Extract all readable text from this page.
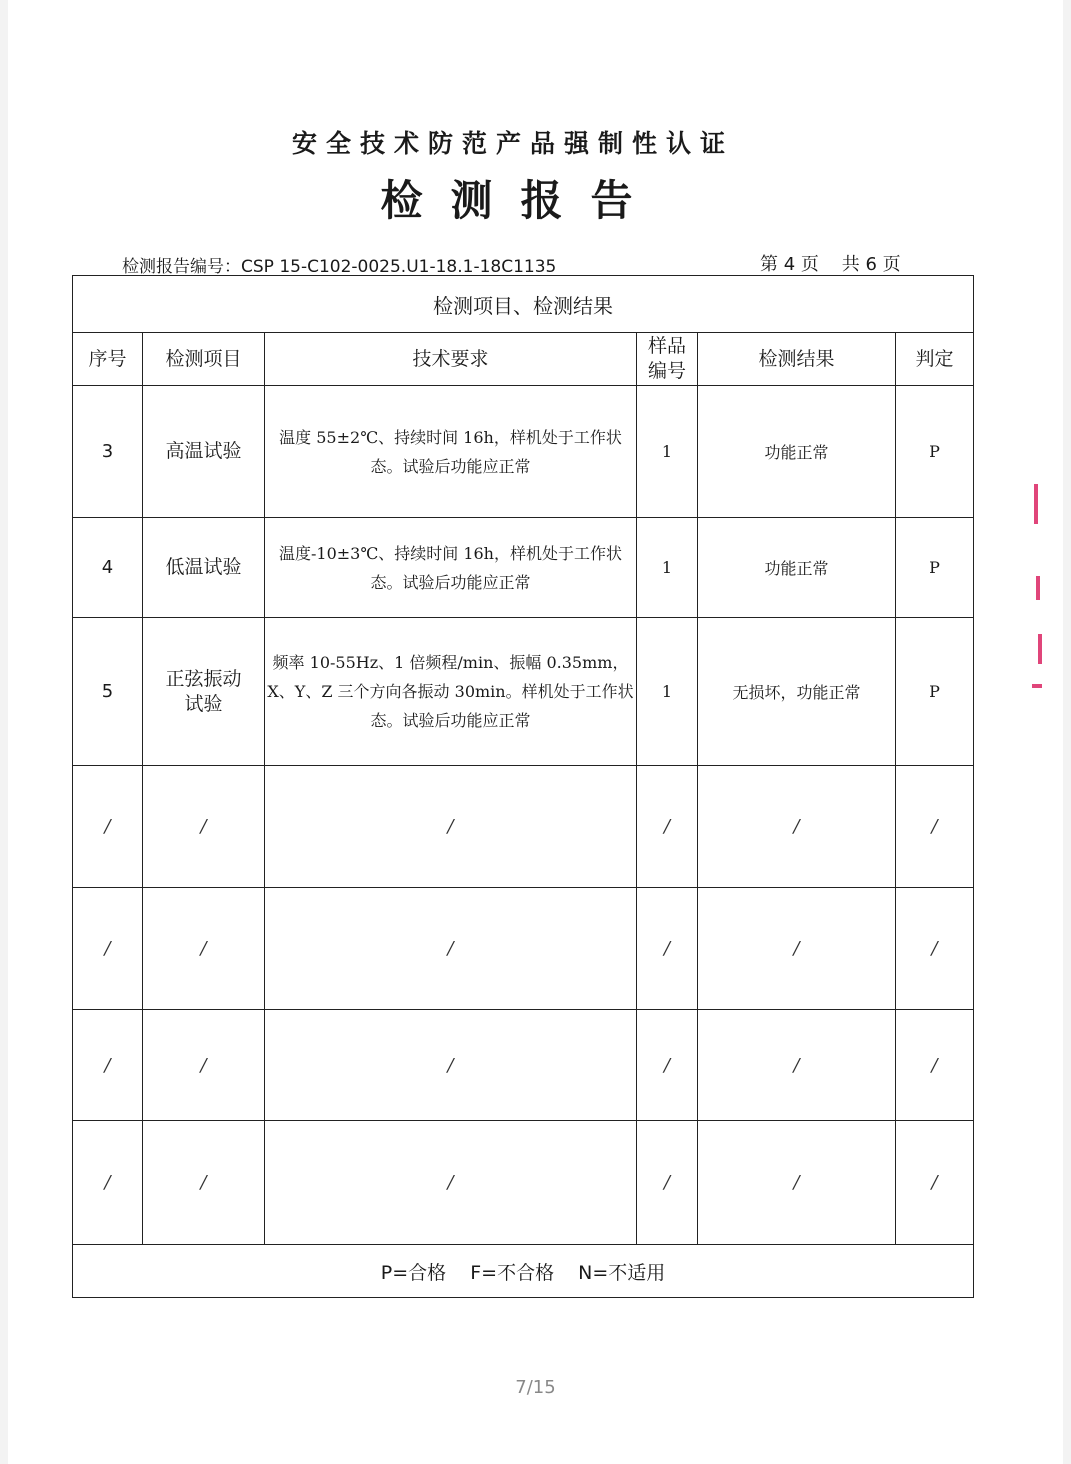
安全技术防范产品强制性认证
检测报告
检测报告编号：CSP 15-C102-0025.U1-18.1-18C1135	第 4 页    共 6 页
检测项目、检测结果					
序号	检测项目	技术要求	样品编号	检测结果	判定
3	高温试验	温度 55±2℃、持续时间 16h，样机处于工作状态。试验后功能应正常	1	功能正常	P
4	低温试验	温度-10±3℃、持续时间 16h，样机处于工作状态。试验后功能应正常	1	功能正常	P
5	正弦振动试验	频率 10-55Hz、1 倍频程/min、振幅 0.35mm，X、Y、Z 三个方向各振动 30min。样机处于工作状态。试验后功能应正常	1	无损坏，功能正常	P
/	/	/	/	/	/
/	/	/	/	/	/
/	/	/	/	/	/
/	/	/	/	/	/
P=合格 F=不合格 N=不适用					
7/15
